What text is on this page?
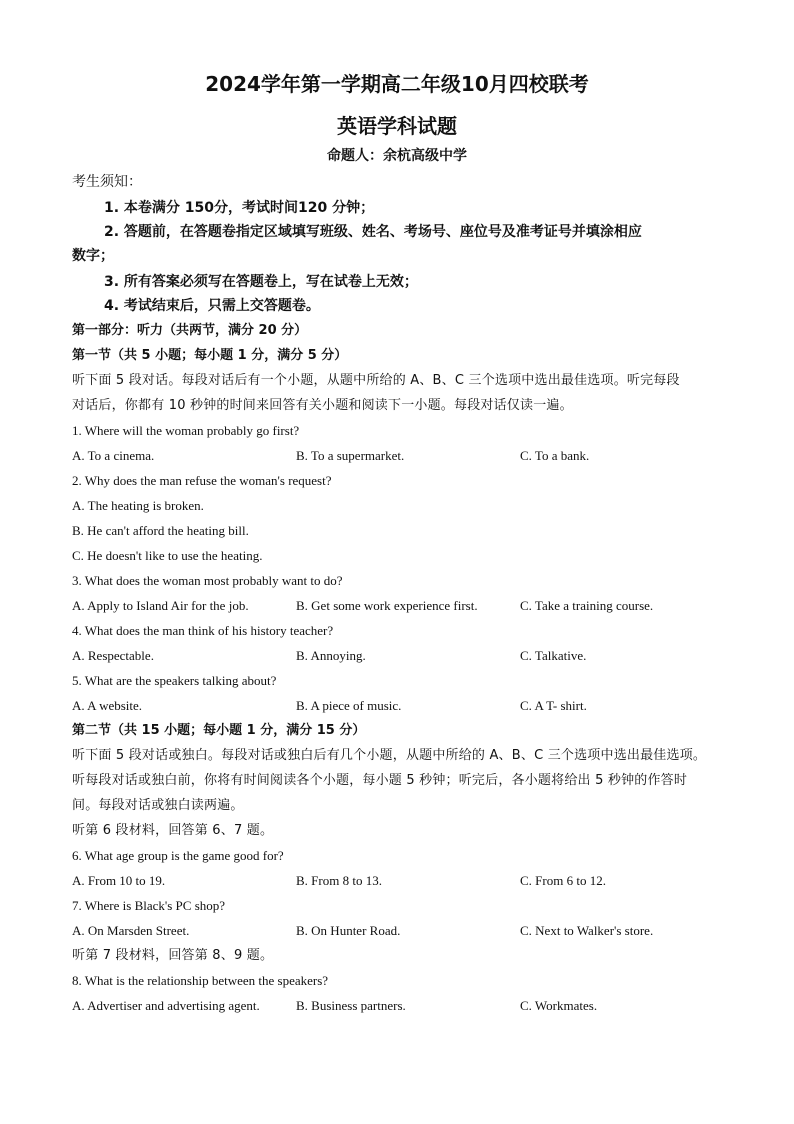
2024学年第一学期高二年级10月四校联考
英语学科试题
命题人：余杭高级中学
考生须知：
1. 本卷满分 150分，考试时间120 分钟；
2. 答题前，在答题卷指定区域填写班级、姓名、考场号、座位号及准考证号并填涂相应
数字；
3. 所有答案必须写在答题卷上，写在试卷上无效；
4. 考试结束后，只需上交答题卷。
第一部分：听力（共两节，满分 20 分）
第一节（共 5 小题；每小题 1 分，满分 5 分）
听下面 5 段对话。每段对话后有一个小题，从题中所给的 A、B、C 三个选项中选出最佳选项。听完每段
对话后，你都有 10 秒钟的时间来回答有关小题和阅读下一小题。每段对话仅读一遍。
1. Where will the woman probably go first?
A. To a cinema.	B. To a supermarket.	C. To a bank.
2. Why does the man refuse the woman's request?
A. The heating is broken.
B. He can't afford the heating bill.
C. He doesn't like to use the heating.
3. What does the woman most probably want to do?
A. Apply to Island Air for the job.	B. Get some work experience first.	C. Take a training course.
4. What does the man think of his history teacher?
A. Respectable.	B. Annoying.	C. Talkative.
5. What are the speakers talking about?
A. A website.	B. A piece of music.	C. A T- shirt.
第二节（共 15 小题；每小题 1 分，满分 15 分）
听下面 5 段对话或独白。每段对话或独白后有几个小题，从题中所给的 A、B、C 三个选项中选出最佳选项。
听每段对话或独白前，你将有时间阅读各个小题，每小题 5 秒钟；听完后，各小题将给出 5 秒钟的作答时
间。每段对话或独白读两遍。
听第 6 段材料，回答第 6、7 题。
6. What age group is the game good for?
A. From 10 to 19.	B. From 8 to 13.	C. From 6 to 12.
7. Where is Black's PC shop?
A. On Marsden Street.	B. On Hunter Road.	C. Next to Walker's store.
听第 7 段材料，回答第 8、9 题。
8. What is the relationship between the speakers?
A. Advertiser and advertising agent.	B. Business partners.	C. Workmates.
